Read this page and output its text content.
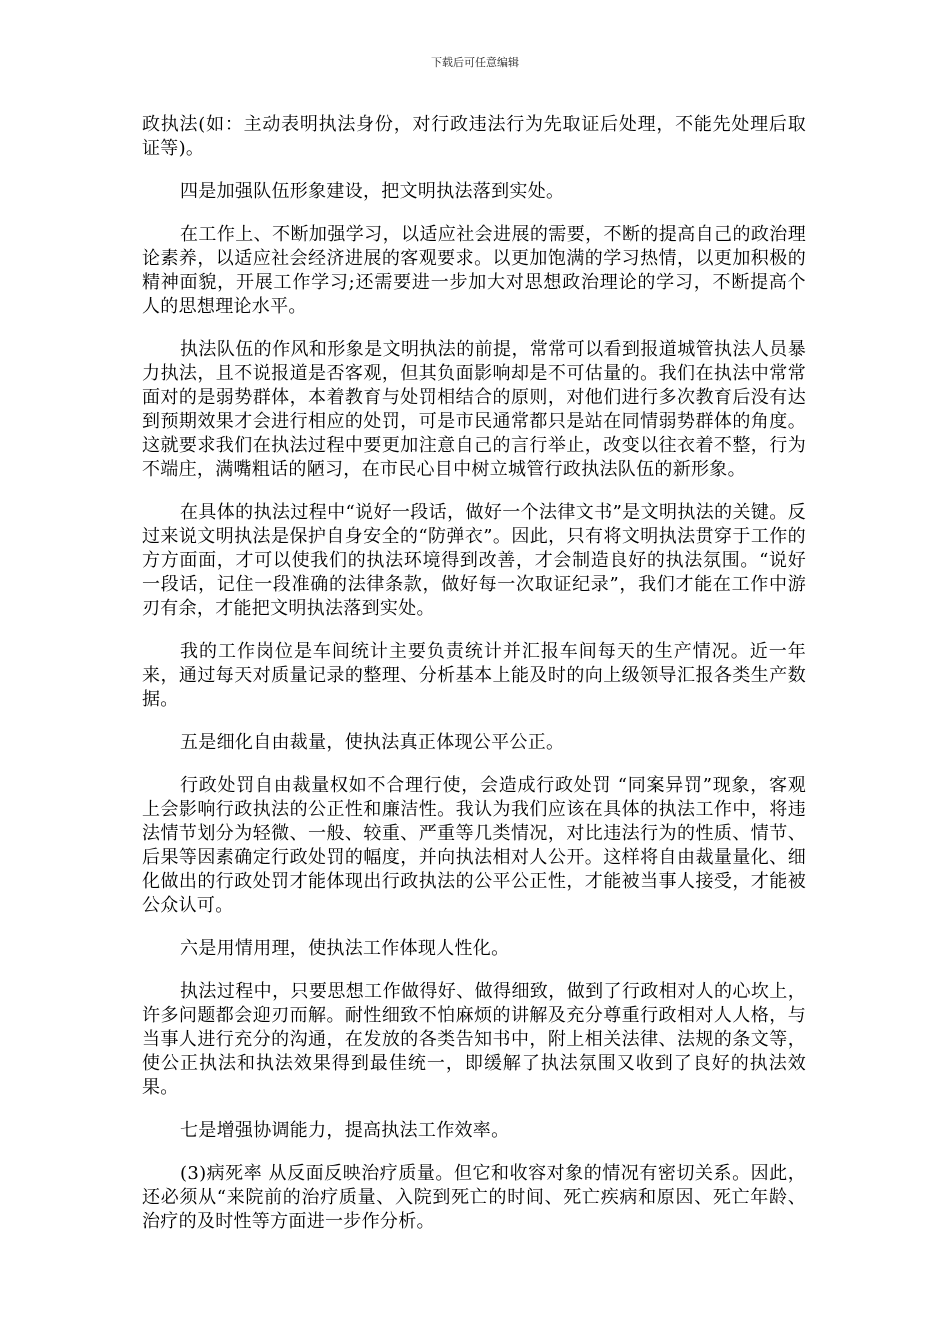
下载后可任意编辑

政执法(如：主动表明执法身份，对行政违法行为先取证后处理，不能先处理后取证等)。

四是加强队伍形象建设，把文明执法落到实处。

在工作上、不断加强学习，以适应社会进展的需要，不断的提高自己的政治理论素养，以适应社会经济进展的客观要求。以更加饱满的学习热情，以更加积极的精神面貌，开展工作学习;还需要进一步加大对思想政治理论的学习，不断提高个人的思想理论水平。

执法队伍的作风和形象是文明执法的前提，常常可以看到报道城管执法人员暴力执法，且不说报道是否客观，但其负面影响却是不可估量的。我们在执法中常常面对的是弱势群体，本着教育与处罚相结合的原则，对他们进行多次教育后没有达到预期效果才会进行相应的处罚，可是市民通常都只是站在同情弱势群体的角度。这就要求我们在执法过程中要更加注意自己的言行举止，改变以往衣着不整，行为不端庄，满嘴粗话的陋习，在市民心目中树立城管行政执法队伍的新形象。

在具体的执法过程中“说好一段话，做好一个法律文书”是文明执法的关键。反过来说文明执法是保护自身安全的“防弹衣”。因此，只有将文明执法贯穿于工作的方方面面，才可以使我们的执法环境得到改善，才会制造良好的执法氛围。“说好一段话，记住一段准确的法律条款，做好每一次取证纪录”，我们才能在工作中游刃有余，才能把文明执法落到实处。

我的工作岗位是车间统计主要负责统计并汇报车间每天的生产情况。近一年来，通过每天对质量记录的整理、分析基本上能及时的向上级领导汇报各类生产数据。

五是细化自由裁量，使执法真正体现公平公正。

行政处罚自由裁量权如不合理行使，会造成行政处罚 “同案异罚”现象，客观上会影响行政执法的公正性和廉洁性。我认为我们应该在具体的执法工作中，将违法情节划分为轻微、一般、较重、严重等几类情况，对比违法行为的性质、情节、后果等因素确定行政处罚的幅度，并向执法相对人公开。这样将自由裁量量化、细化做出的行政处罚才能体现出行政执法的公平公正性，才能被当事人接受，才能被公众认可。

六是用情用理，使执法工作体现人性化。

执法过程中，只要思想工作做得好、做得细致，做到了行政相对人的心坎上，许多问题都会迎刃而解。耐性细致不怕麻烦的讲解及充分尊重行政相对人人格，与当事人进行充分的沟通，在发放的各类告知书中，附上相关法律、法规的条文等，使公正执法和执法效果得到最佳统一，即缓解了执法氛围又收到了良好的执法效果。

七是增强协调能力，提高执法工作效率。

(3)病死率 从反面反映治疗质量。但它和收容对象的情况有密切关系。因此，还必须从“来院前的治疗质量、入院到死亡的时间、死亡疾病和原因、死亡年龄、治疗的及时性等方面进一步作分析。
